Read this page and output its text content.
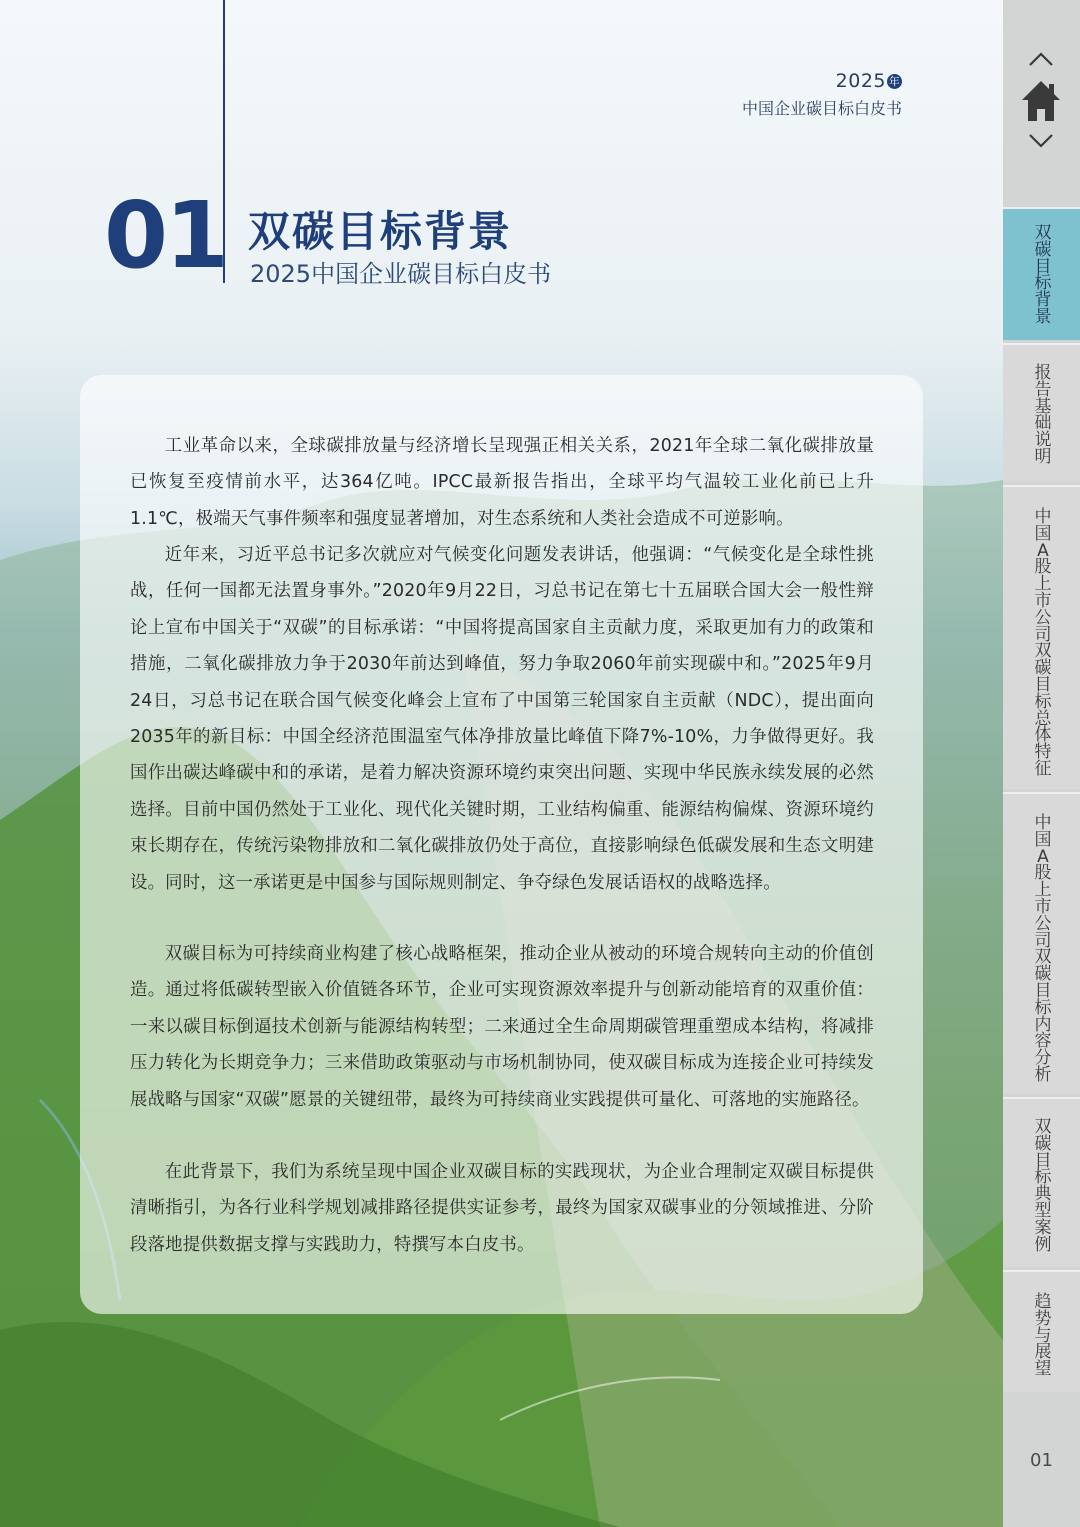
2025 年
中国企业碳目标白皮书
01 双碳目标背景
2025中国企业碳目标白皮书

工业革命以来，全球碳排放量与经济增长呈现强正相关关系，2021年全球二氧化碳排放量已恢复至疫情前水平，达364亿吨。IPCC最新报告指出，全球平均气温较工业化前已上升1.1℃，极端天气事件频率和强度显著增加，对生态系统和人类社会造成不可逆影响。

近年来，习近平总书记多次就应对气候变化问题发表讲话，他强调：“气候变化是全球性挑战，任何一国都无法置身事外。”2020年9月22日，习总书记在第七十五届联合国大会一般性辩论上宣布中国关于“双碳”的目标承诺：“中国将提高国家自主贡献力度，采取更加有力的政策和措施，二氧化碳排放力争于2030年前达到峰值，努力争取2060年前实现碳中和。”2025年9月24日，习总书记在联合国气候变化峰会上宣布了中国第三轮国家自主贡献（NDC），提出面向2035年的新目标：中国全经济范围温室气体净排放量比峰值下降7%-10%，力争做得更好。我国作出碳达峰碳中和的承诺，是着力解决资源环境约束突出问题、实现中华民族永续发展的必然选择。目前中国仍然处于工业化、现代化关键时期，工业结构偏重、能源结构偏煤、资源环境约束长期存在，传统污染物排放和二氧化碳排放仍处于高位，直接影响绿色低碳发展和生态文明建设。同时，这一承诺更是中国参与国际规则制定、争夺绿色发展话语权的战略选择。

双碳目标为可持续商业构建了核心战略框架，推动企业从被动的环境合规转向主动的价值创造。通过将低碳转型嵌入价值链各环节，企业可实现资源效率提升与创新动能培育的双重价值：一来以碳目标倒逼技术创新与能源结构转型；二来通过全生命周期碳管理重塑成本结构，将减排压力转化为长期竞争力；三来借助政策驱动与市场机制协同，使双碳目标成为连接企业可持续发展战略与国家“双碳”愿景的关键纽带，最终为可持续商业实践提供可量化、可落地的实施路径。

在此背景下，我们为系统呈现中国企业双碳目标的实践现状，为企业合理制定双碳目标提供清晰指引，为各行业科学规划减排路径提供实证参考，最终为国家双碳事业的分领域推进、分阶段落地提供数据支撑与实践助力，特撰写本白皮书。

双碳目标背景
报告基础说明
中国A股上市公司双碳目标总体特征
中国A股上市公司双碳目标内容分析
双碳目标典型案例
趋势与展望
01
